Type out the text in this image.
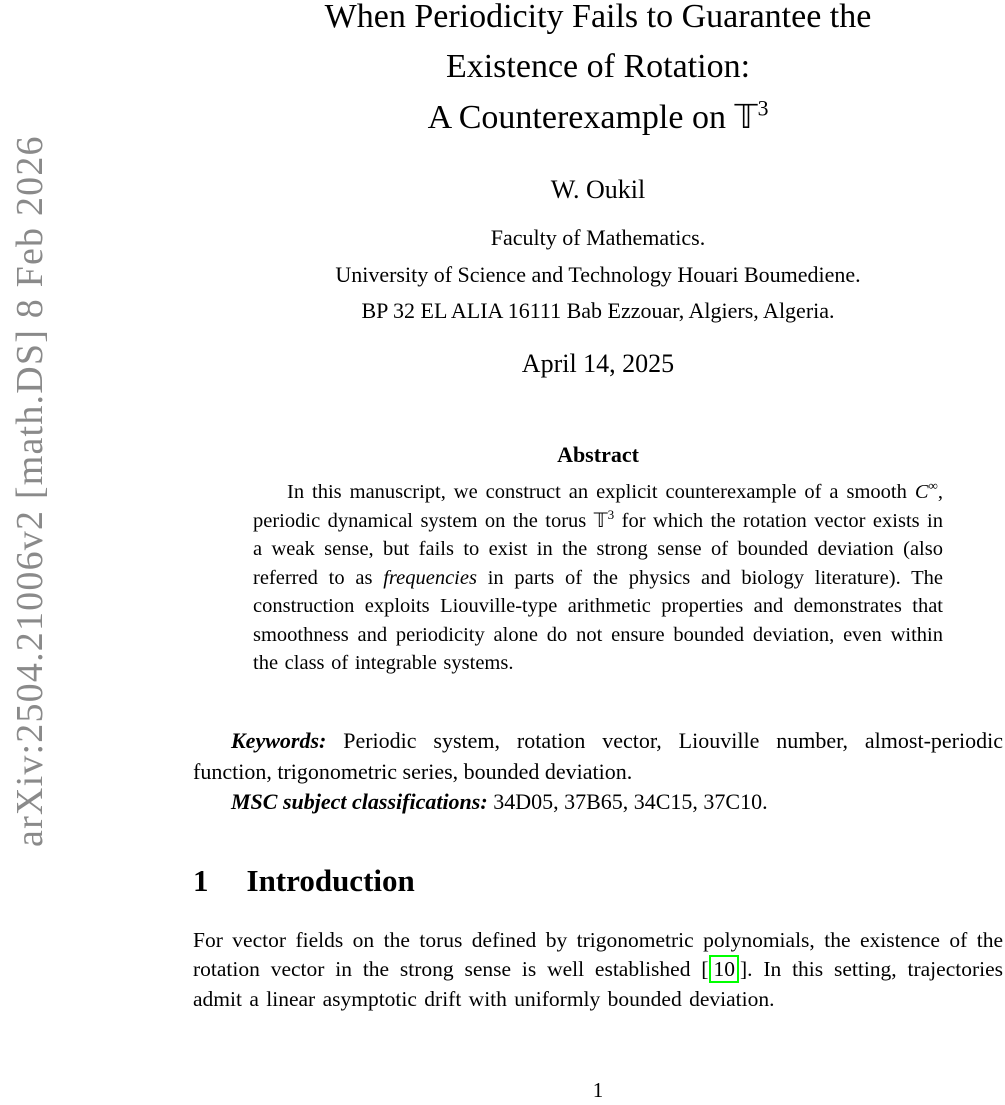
arXiv:2504.21006v2 [math.DS] 8 Feb 2026
When Periodicity Fails to Guarantee the
Existence of Rotation:
A Counterexample on 𝕋$^3$
W. Oukil
Faculty of Mathematics.
University of Science and Technology Houari Boumediene.
BP 32 EL ALIA 16111 Bab Ezzouar, Algiers, Algeria.
April 14, 2025
Abstract
In this manuscript, we construct an explicit counterexample of a smooth C∞, periodic dynamical system on the torus 𝕋$^3$ for which the rotation vector exists in a weak sense, but fails to exist in the strong sense of bounded deviation (also referred to as frequencies in parts of the physics and biology literature). The construction exploits Liouville-type arithmetic properties and demonstrates that smoothness and periodicity alone do not ensure bounded deviation, even within the class of integrable systems.
Keywords: Periodic system, rotation vector, Liouville number, almost-periodic function, trigonometric series, bounded deviation.
MSC subject classifications: 34D05, 37B65, 34C15, 37C10.
1 Introduction
For vector fields on the torus defined by trigonometric polynomials, the existence of the rotation vector in the strong sense is well established [ 10 ]. In this setting, trajectories admit a linear asymptotic drift with uniformly bounded deviation.
1
